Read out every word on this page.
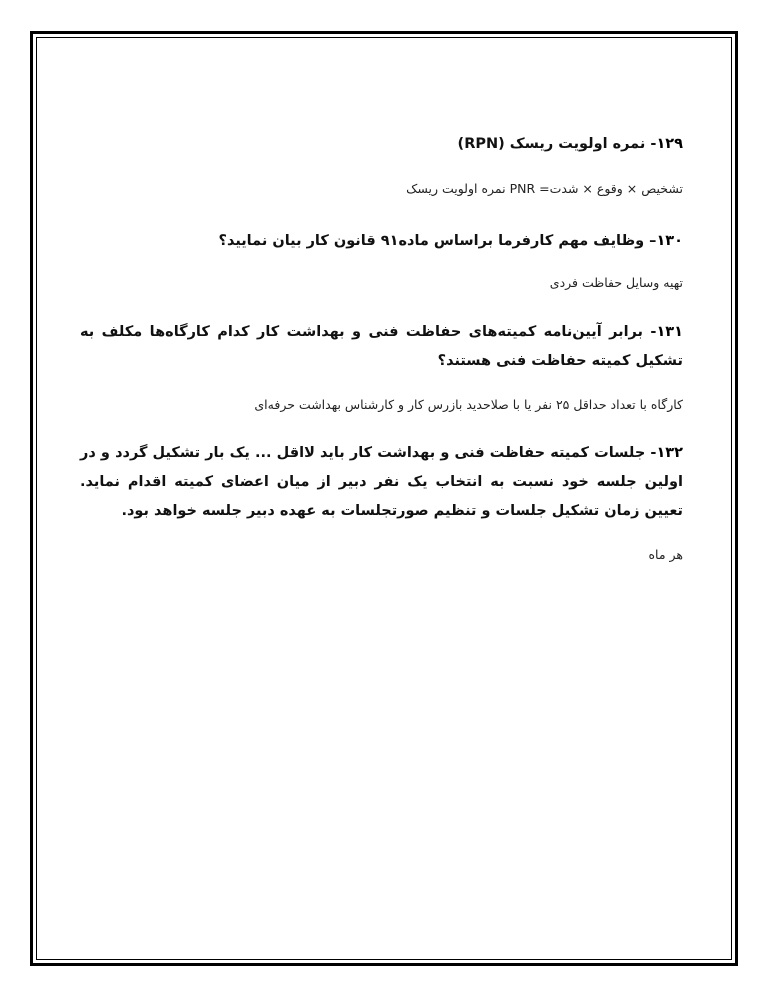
۱۲۹- نمره اولویت ریسک (RPN)

تشخیص × وقوع × شدت= PNR نمره اولویت ریسک

۱۳۰– وظایف مهم کارفرما براساس ماده۹۱ قانون کار بیان نمایید؟

تهیه وسایل حفاظت فردی

۱۳۱- برابر آیین‌نامه کمیته‌های حفاظت فنی و بهداشت کار کدام کارگاه‌ها مکلف به تشکیل کمیته حفاظت فنی هستند؟

کارگاه با تعداد حداقل ۲۵ نفر یا با صلاحدید بازرس کار و کارشناس بهداشت حرفه‌ای

۱۳۲- جلسات کمیته حفاظت فنی و بهداشت کار باید لااقل ... یک بار تشکیل گردد و در اولین جلسه خود نسبت به انتخاب یک نفر دبیر از میان اعضای کمیته اقدام نماید. تعیین زمان تشکیل جلسات و تنظیم صورتجلسات به عهده دبیر جلسه خواهد بود.

هر ماه
